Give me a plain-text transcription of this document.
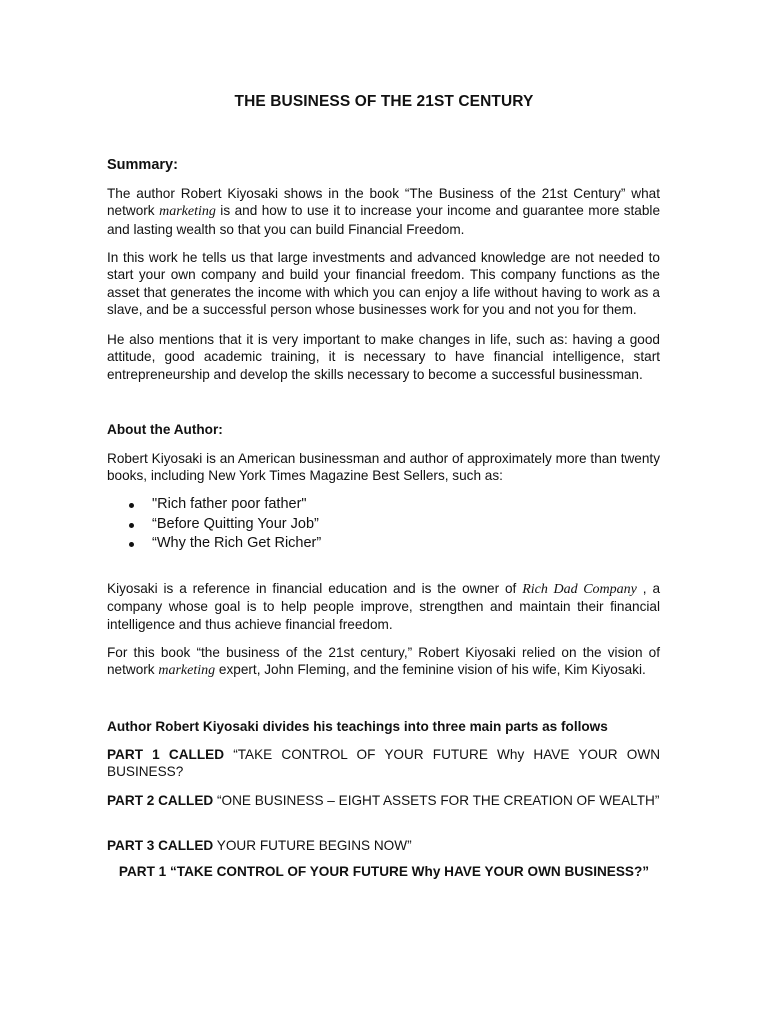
THE BUSINESS OF THE 21ST CENTURY
Summary:

The author Robert Kiyosaki shows in the book “The Business of the 21st Century” what network marketing is and how to use it to increase your income and guarantee more stable and lasting wealth so that you can build Financial Freedom.

In this work he tells us that large investments and advanced knowledge are not needed to start your own company and build your financial freedom. This company functions as the asset that generates the income with which you can enjoy a life without having to work as a slave, and be a successful person whose businesses work for you and not you for them.

He also mentions that it is very important to make changes in life, such as: having a good attitude, good academic training, it is necessary to have financial intelligence, start entrepreneurship and develop the skills necessary to become a successful businessman.

About the Author:

Robert Kiyosaki is an American businessman and author of approximately more than twenty books, including New York Times Magazine Best Sellers, such as:

"Rich father poor father"
“Before Quitting Your Job”
“Why the Rich Get Richer”

Kiyosaki is a reference in financial education and is the owner of Rich Dad Company , a company whose goal is to help people improve, strengthen and maintain their financial intelligence and thus achieve financial freedom.

For this book “the business of the 21st century,” Robert Kiyosaki relied on the vision of network marketing expert, John Fleming, and the feminine vision of his wife, Kim Kiyosaki.

Author Robert Kiyosaki divides his teachings into three main parts as follows

PART 1 CALLED “TAKE CONTROL OF YOUR FUTURE Why HAVE YOUR OWN BUSINESS?

PART 2 CALLED “ONE BUSINESS – EIGHT ASSETS FOR THE CREATION OF WEALTH”

PART 3 CALLED YOUR FUTURE BEGINS NOW”

PART 1 “TAKE CONTROL OF YOUR FUTURE Why HAVE YOUR OWN BUSINESS?”
